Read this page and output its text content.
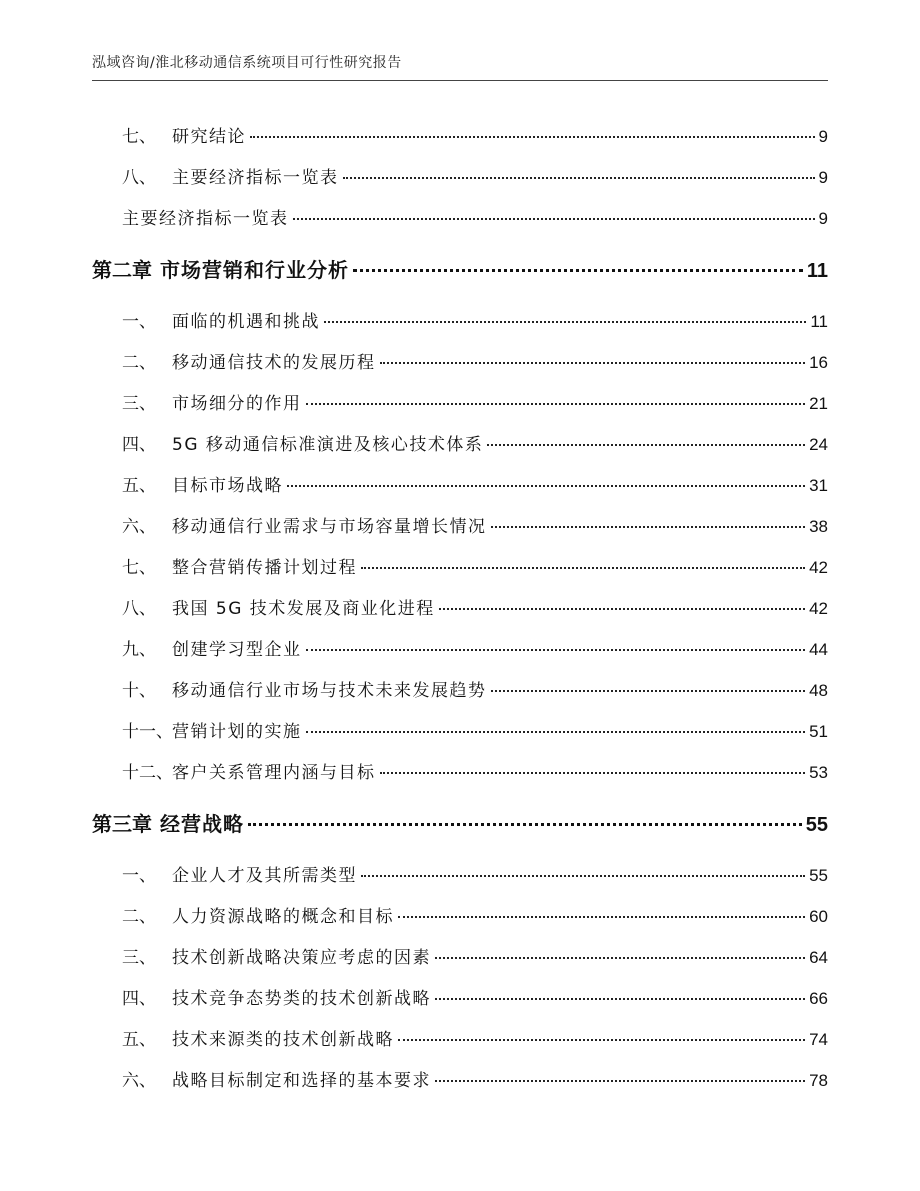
泓域咨询/淮北移动通信系统项目可行性研究报告
七、 研究结论	9
八、 主要经济指标一览表	9
主要经济指标一览表	9
第二章 市场营销和行业分析	11
一、 面临的机遇和挑战	11
二、 移动通信技术的发展历程	16
三、 市场细分的作用	21
四、 5G 移动通信标准演进及核心技术体系	24
五、 目标市场战略	31
六、 移动通信行业需求与市场容量增长情况	38
七、 整合营销传播计划过程	42
八、 我国 5G 技术发展及商业化进程	42
九、 创建学习型企业	44
十、 移动通信行业市场与技术未来发展趋势	48
十一、 营销计划的实施	51
十二、 客户关系管理内涵与目标	53
第三章 经营战略	55
一、 企业人才及其所需类型	55
二、 人力资源战略的概念和目标	60
三、 技术创新战略决策应考虑的因素	64
四、 技术竞争态势类的技术创新战略	66
五、 技术来源类的技术创新战略	74
六、 战略目标制定和选择的基本要求	78
